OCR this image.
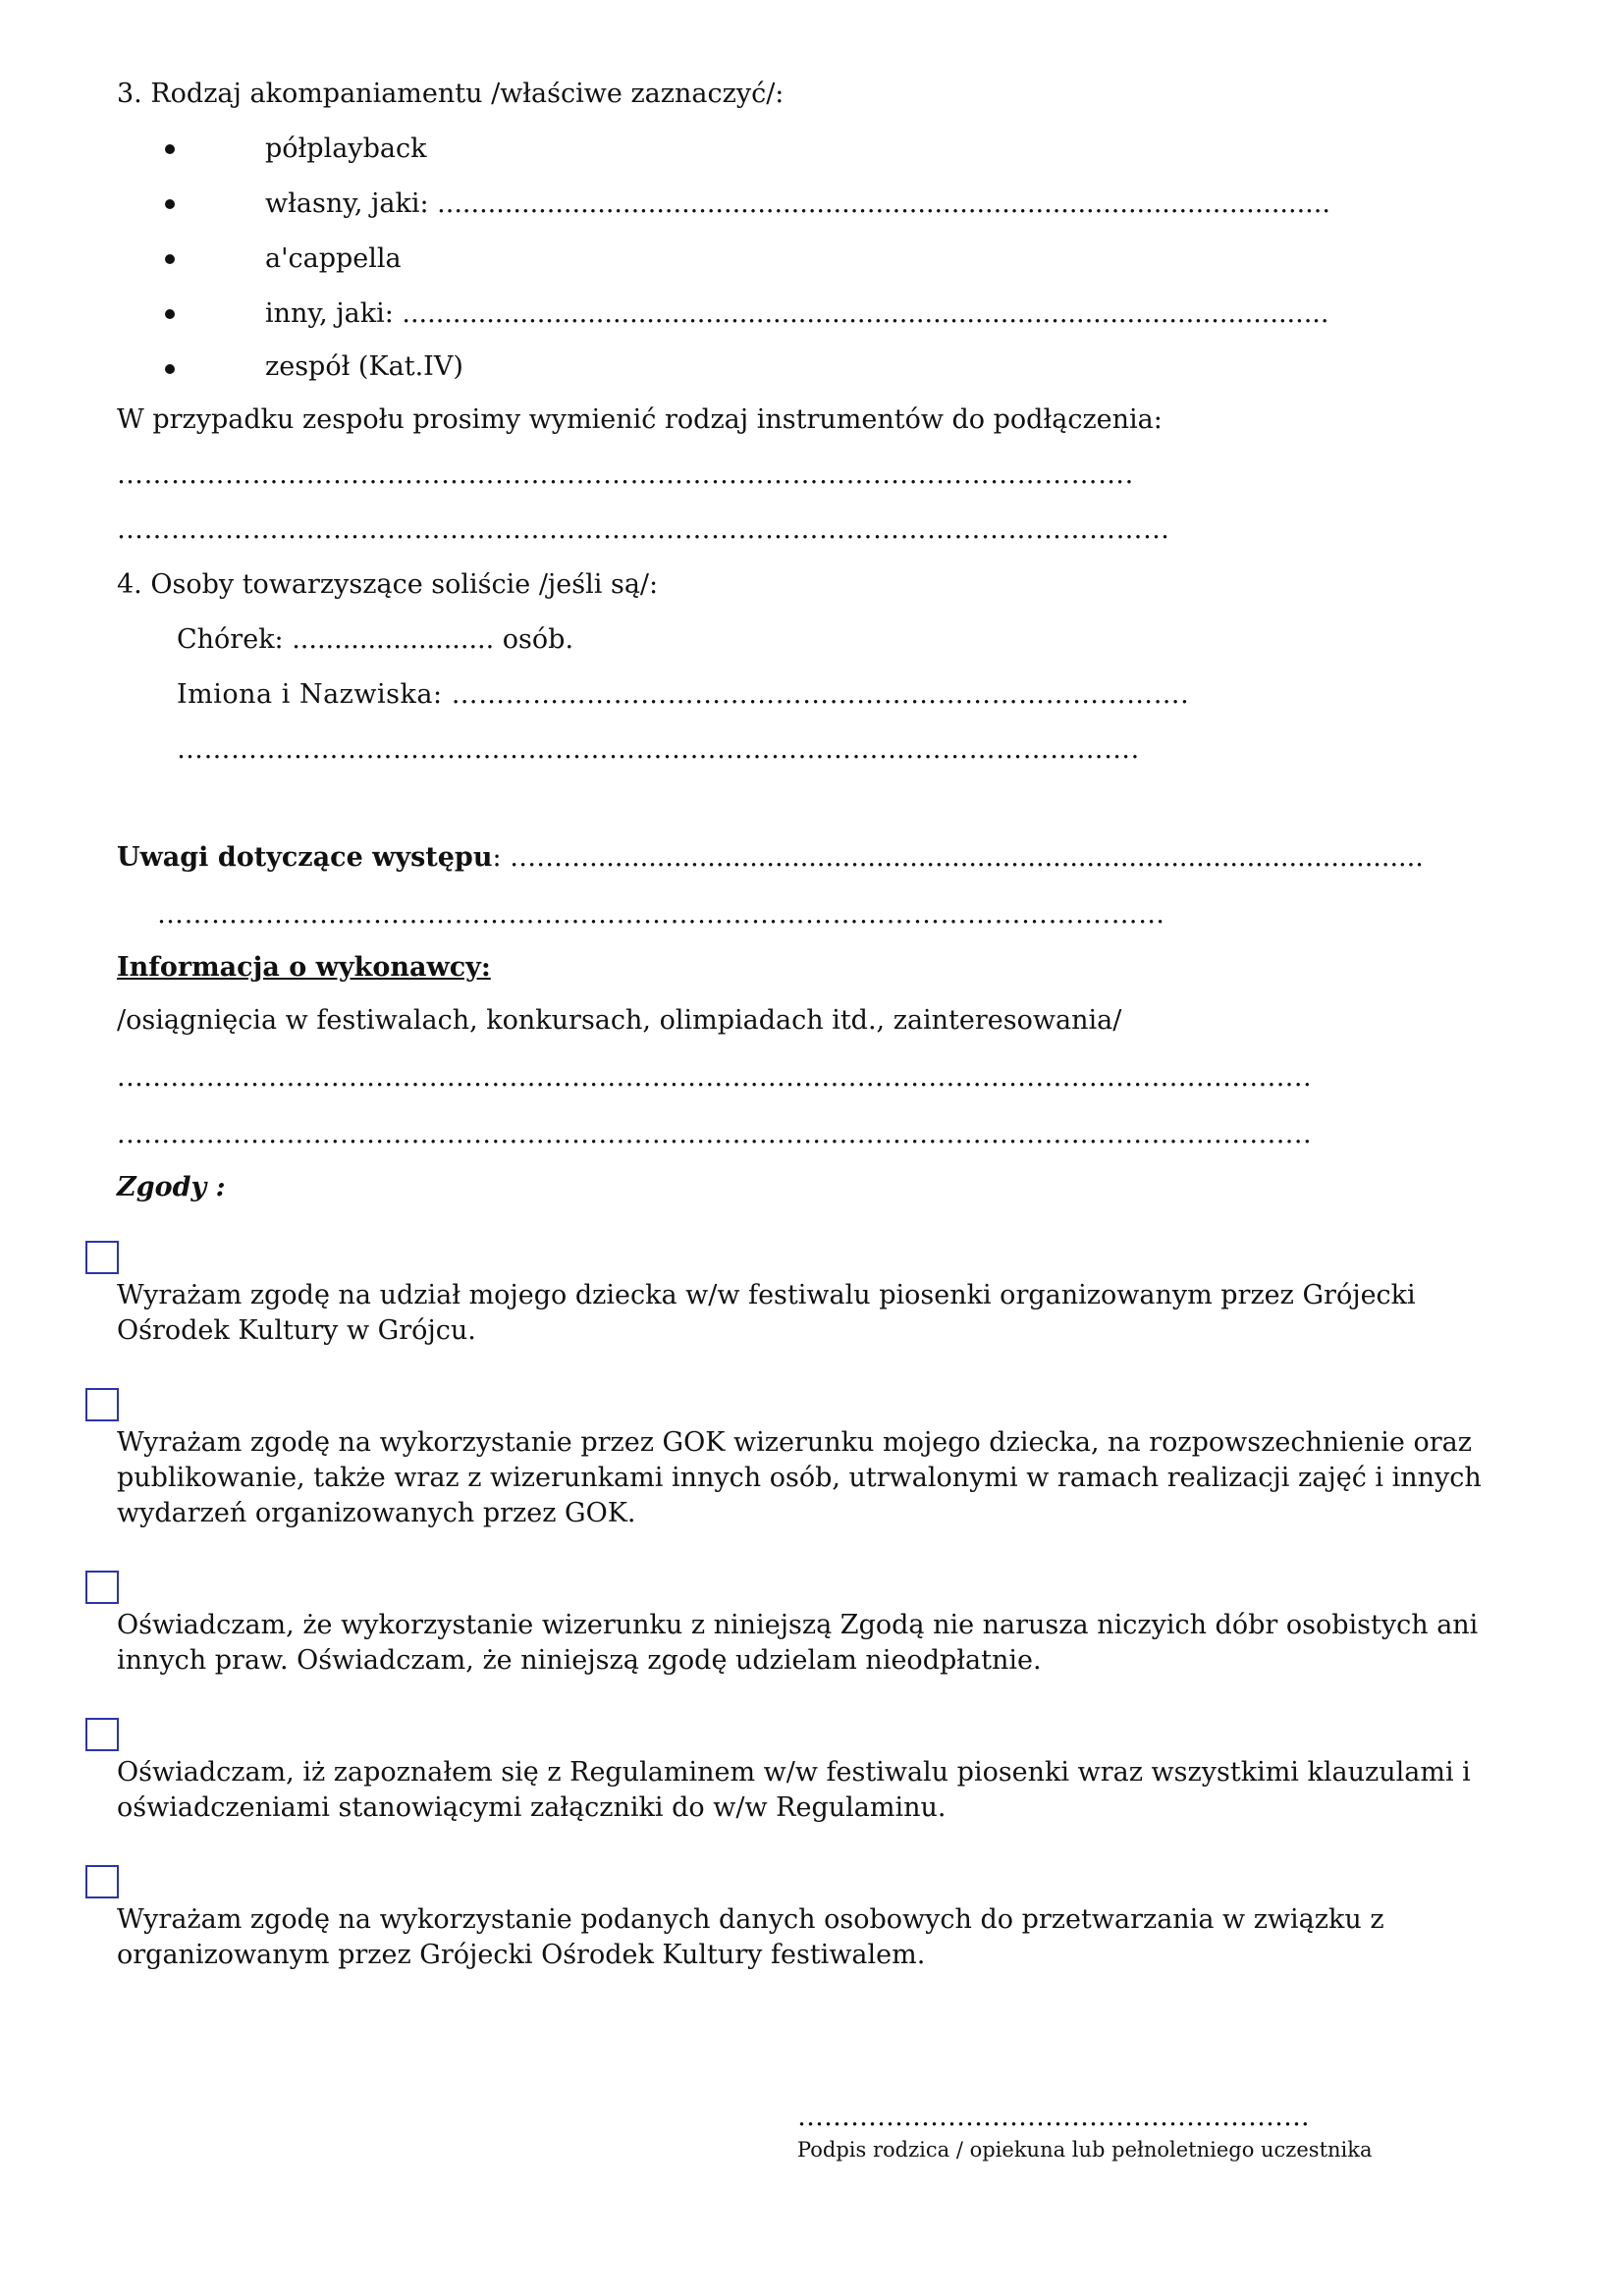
3. Rodzaj akompaniamentu /właściwe zaznaczyć/:
półplayback
własny, jaki: ..........................................................................................................
a'cappella
inny, jaki: ..............................................................................................................
zespół (Kat.IV)
W przypadku zespołu prosimy wymienić rodzaj instrumentów do podłączenia:
………………………………………………………………………….……………………….
………………………………………………………………………………………………………
4. Osoby towarzyszące soliście /jeśli są/:
Chórek: ........................ osób.
Imiona i Nazwiska: ……………………………………………………………………….
……………………………………………………………………….…………………….
Uwagi dotyczące występu: ………...................................................................................................
…………………………………………………………………………………………….……
Informacja o wykonawcy:
/osiągnięcia w festiwalach, konkursach, olimpiadach itd., zainteresowania/
......................................................................................................................................
......................................................................................................................................
Zgody :
Wyrażam zgodę na udział mojego dziecka w/w festiwalu piosenki organizowanym przez Grójecki Ośrodek Kultury w Grójcu.
Wyrażam zgodę na wykorzystanie przez GOK wizerunku mojego dziecka, na rozpowszechnienie oraz publikowanie, także wraz z wizerunkami innych osób, utrwalonymi w ramach realizacji zajęć i innych wydarzeń organizowanych przez GOK.
Oświadczam, że wykorzystanie wizerunku z niniejszą Zgodą nie narusza niczyich dóbr osobistych ani innych praw. Oświadczam, że niniejszą zgodę udzielam nieodpłatnie.
Oświadczam, iż zapoznałem się z Regulaminem w/w festiwalu piosenki wraz wszystkimi klauzulami i oświadczeniami stanowiącymi załączniki do w/w Regulaminu.
Wyrażam zgodę na wykorzystanie podanych danych osobowych do przetwarzania w związku z organizowanym przez Grójecki Ośrodek Kultury festiwalem.
………………………………………………….
Podpis rodzica / opiekuna lub pełnoletniego uczestnika
